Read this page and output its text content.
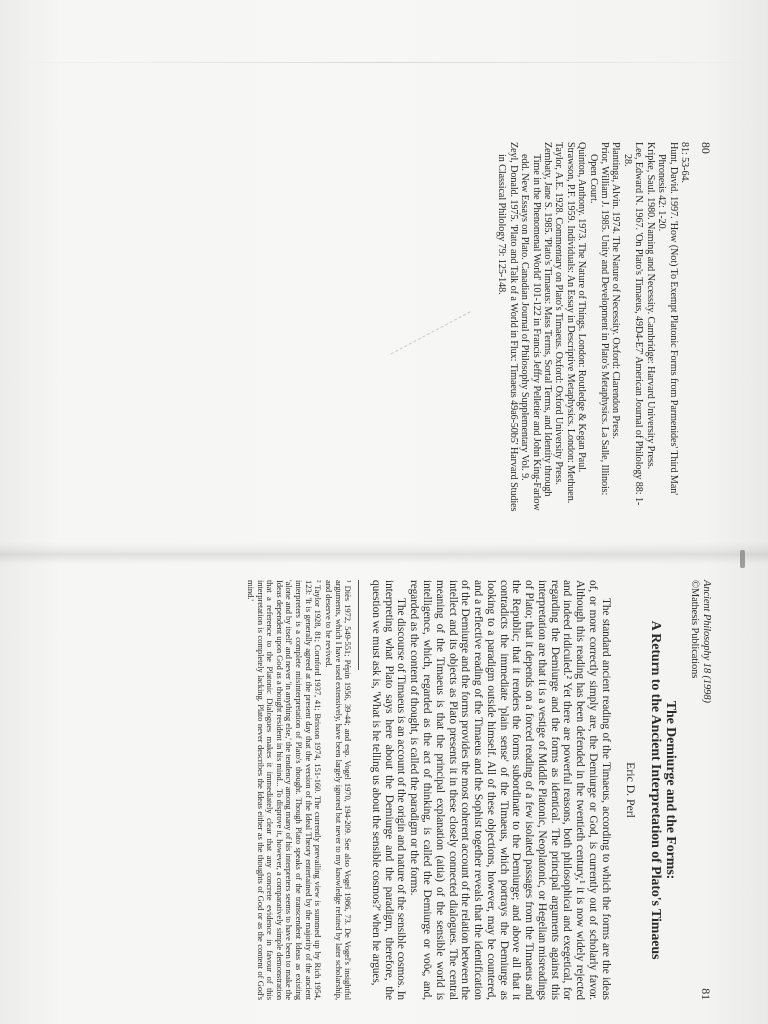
80

81: 53-64.

Hunt, David. 1997. 'How (Not) To Exempt Platonic Forms from Parmenides' Third Man' Phronesis 42: 1-20.

Kripke, Saul. 1980. Naming and Necessity. Cambridge: Harvard University Press.

Lee, Edward N. 1967. 'On Plato's Timaeus, 49D4-E7' American Journal of Philology 88: 1-28.

Plantinga, Alvin. 1974. The Nature of Necessity. Oxford: Clarendon Press.

Prior, William J. 1985. Unity and Development in Plato's Metaphysics. La Salle, Illinois: Open Court.

Quinton, Anthony. 1973. The Nature of Things. London: Routledge & Kegan Paul.

Strawson, P.F. 1959. Individuals: An Essay in Descriptive Metaphysics. London: Methuen.

Taylor, A.E. 1928. Commentary on Plato's Timaeus. Oxford: Oxford University Press.

Zembaty, Jane S. 1985. 'Plato's Timaeus: Mass Terms, Sortal Terms, and Identity through Time in the Phenomenal World' 101-122 in Francis Jeffry Pelletier and John King-Farlow edd. New Essays on Plato. Canadian Journal of Philosophy Supplementary Vol. 9.

Zeyl, Donald. 1975. 'Plato and Talk of a World in Flux: Timaeus 49a6-50b5' Harvard Studies in Classical Philology 79: 125-148.

81

Ancient Philosophy 18 (1998)

©Mathesis Publications

The Demiurge and the Forms:

A Return to the Ancient Interpretation of Plato's Timaeus

Eric D. Perl

The standard ancient reading of the Timaeus, according to which the forms are the ideas of, or more correctly simply are, the Demiurge or God, is currently out of scholarly favor. Although this reading has been defended in the twentieth century,¹ it is now widely rejected and indeed ridiculed.² Yet there are powerful reasons, both philosophical and exegetical, for regarding the Demiurge and the forms as identical. The principal arguments against this interpretation are that it is a vestige of Middle Platonic, Neoplatonic, or Hegelian misreadings of Plato; that it depends on a forced reading of a few isolated passages from the Timaeus and the Republic; that it renders the forms subordinate to the Demiurge; and above all that it contradicts the immediate 'plain sense' of the Timaeus, which portrays the Demiurge as looking to a paradigm outside himself. All of these objections, however, may be countered, and a reflective reading of the Timaeus and the Sophist together reveals that the identification of the Demiurge and the forms provides the most coherent account of the relation between the intellect and its objects as Plato presents it in these closely connected dialogues. The central meaning of the Timaeus is that the principal explanation (aitia) of the sensible world is intelligence, which, regarded as the act of thinking, is called the Demiurge or νοῦς, and, regarded as the content of thought, is called the paradigm or the forms.

The discourse of Timaeus is an account of the origin and nature of the sensible cosmos. In interpreting what Plato says here about the Demiurge and the paradigm, therefore, the question we must ask is, 'What is he telling us about the sensible cosmos?' when he argues,

¹ Diès 1972, 549-551; Pépin 1956, 39-44; and esp. Vogel 1970, 194-209. See also Vogel 1986, 73. De Vogel's insightful arguments, which I have used extensively, have been largely ignored but never to my knowledge refuted by later scholarship, and deserve to be revived.

² Taylor 1928, 81; Cornford 1937, 41; Brisson 1974, 151-160. The currently prevailing view is summed up by Rich 1954, 123: 'It is generally agreed at the present day that the version of the Ideal Theory entertained by the majority of the ancient interpreters is a complete misinterpretation of Plato's thought. Though Plato speaks of the transcendent Ideas as existing 'alone and by itself' and never 'in anything else,' the tendency among many of his interpreters seems to have been to make the Ideas dependent upon God as a thought resident in his mind... To disprove it, however, a comparatively simple demonstration that a reference to the Platonic Dialogues makes it immediately clear that any concrete evidence in favour of this interpretation is completely lacking. Plato never describes the Ideas either as the thoughts of God or as the content of God's mind.'
